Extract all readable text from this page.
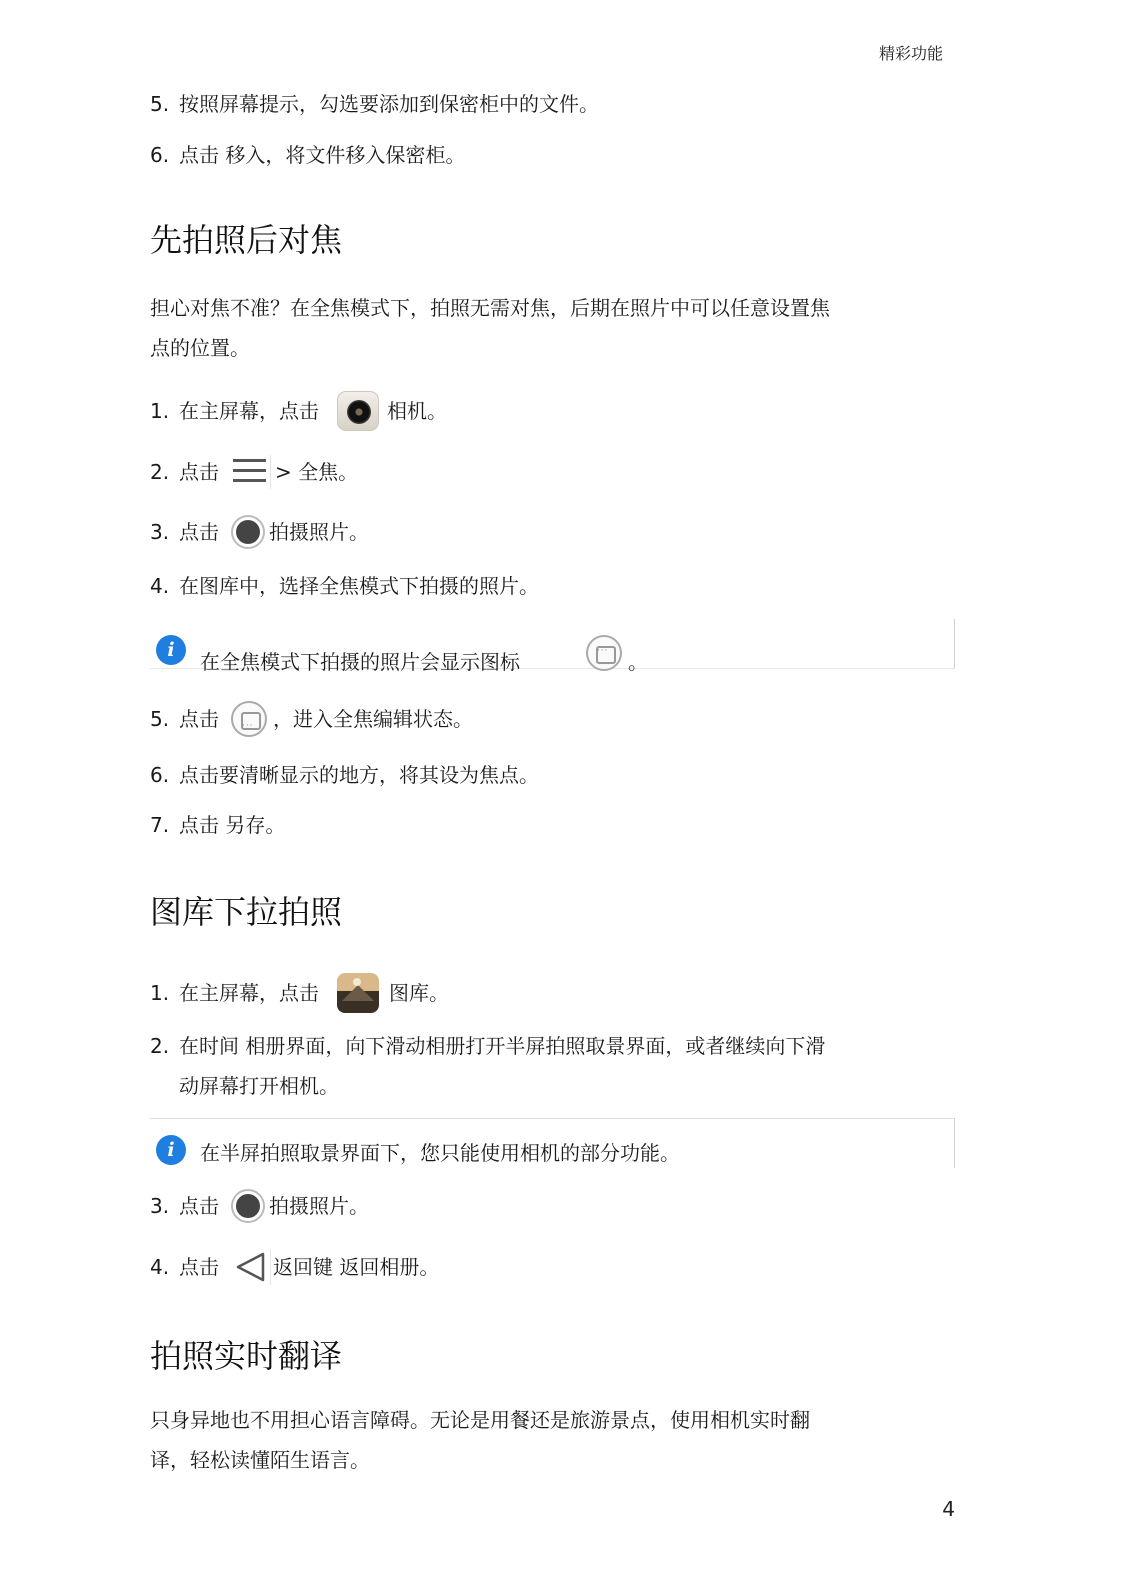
精彩功能
5. 按照屏幕提示，勾选要添加到保密柜中的文件。
6. 点击 移入，将文件移入保密柜。
先拍照后对焦
担心对焦不准？在全焦模式下，拍照无需对焦，后期在照片中可以任意设置焦
点的位置。
1. 在主屏幕，点击	相机。
2. 点击	> 全焦。
3. 点击	拍摄照片。
4. 在图库中，选择全焦模式下拍摄的照片。
i	在全焦模式下拍摄的照片会显示图标 · · ·	。
5. 点击 · · ·	，进入全焦编辑状态。
6. 点击要清晰显示的地方，将其设为焦点。
7. 点击 另存。
图库下拉拍照
1. 在主屏幕，点击	图库。
2. 在时间 相册界面，向下滑动相册打开半屏拍照取景界面，或者继续向下滑
动屏幕打开相机。
i	在半屏拍照取景界面下，您只能使用相机的部分功能。
3. 点击	拍摄照片。
4. 点击	返回键 返回相册。
拍照实时翻译
只身异地也不用担心语言障碍。无论是用餐还是旅游景点，使用相机实时翻
译，轻松读懂陌生语言。
4
